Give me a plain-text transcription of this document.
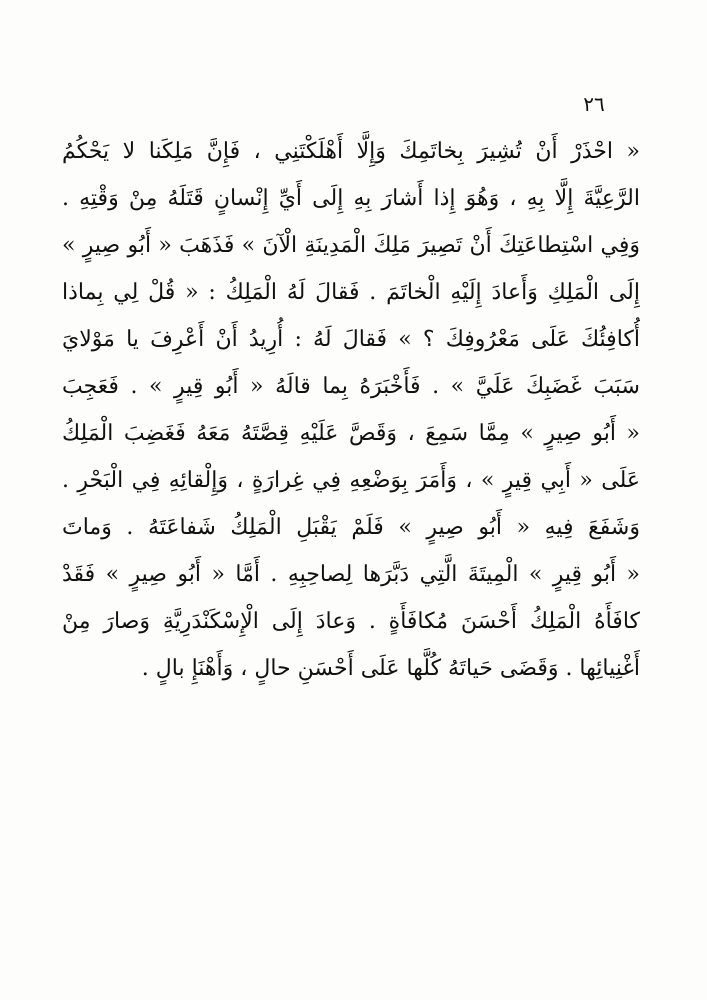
٢٦
« احْذَرْ أَنْ تُشِيرَ بِخاتَمِكَ وَإِلَّا أَهْلَكْتَنِي ، فَإِنَّ مَلِكَنا لا يَحْكُمُ
الرَّعِيَّةَ إِلَّا بِهِ ، وَهُوَ إِذا أَشارَ بِهِ إِلَى أَيِّ إِنْسانٍ قَتَلَهُ مِنْ وَقْتِهِ .
وَفِي اسْتِطاعَتِكَ أَنْ تَصِيرَ مَلِكَ الْمَدِينَةِ الْآنَ » فَذَهَبَ « أَبُو صِيرٍ »
إِلَى الْمَلِكِ وَأَعادَ إِلَيْهِ الْخاتَمَ . فَقالَ لَهُ الْمَلِكُ : « قُلْ لِي بِماذا
أُكافِئُكَ عَلَى مَعْرُوفِكَ ؟ » فَقالَ لَهُ : أُرِيدُ أَنْ أَعْرِفَ يا مَوْلايَ
سَبَبَ غَضَبِكَ عَلَيَّ » . فَأَخْبَرَهُ بِما قالَهُ « أَبُو قِيرٍ » . فَعَجِبَ
« أَبُو صِيرٍ » مِمَّا سَمِعَ ، وَقَصَّ عَلَيْهِ قِصَّتَهُ مَعَهُ فَغَضِبَ الْمَلِكُ
عَلَى « أَبِي قِيرٍ » ، وَأَمَرَ بِوَضْعِهِ فِي غِرارَةٍ ، وَإِلْقائِهِ فِي الْبَحْرِ .
وَشَفَعَ فِيهِ « أَبُو صِيرٍ » فَلَمْ يَقْبَلِ الْمَلِكُ شَفاعَتَهُ . وَماتَ
« أَبُو قِيرٍ » الْمِيتَةَ الَّتِي دَبَّرَها لِصاحِبِهِ . أَمَّا « أَبُو صِيرٍ » فَقَدْ
كافَأَهُ الْمَلِكُ أَحْسَنَ مُكافَأَةٍ . وَعادَ إِلَى الْإِسْكَنْدَرِيَّةِ وَصارَ مِنْ
أَغْنِيائِها . وَقَضَى حَياتَهُ كُلَّها عَلَى أَحْسَنِ حالٍ ، وَأَهْنَإِ بالٍ .
